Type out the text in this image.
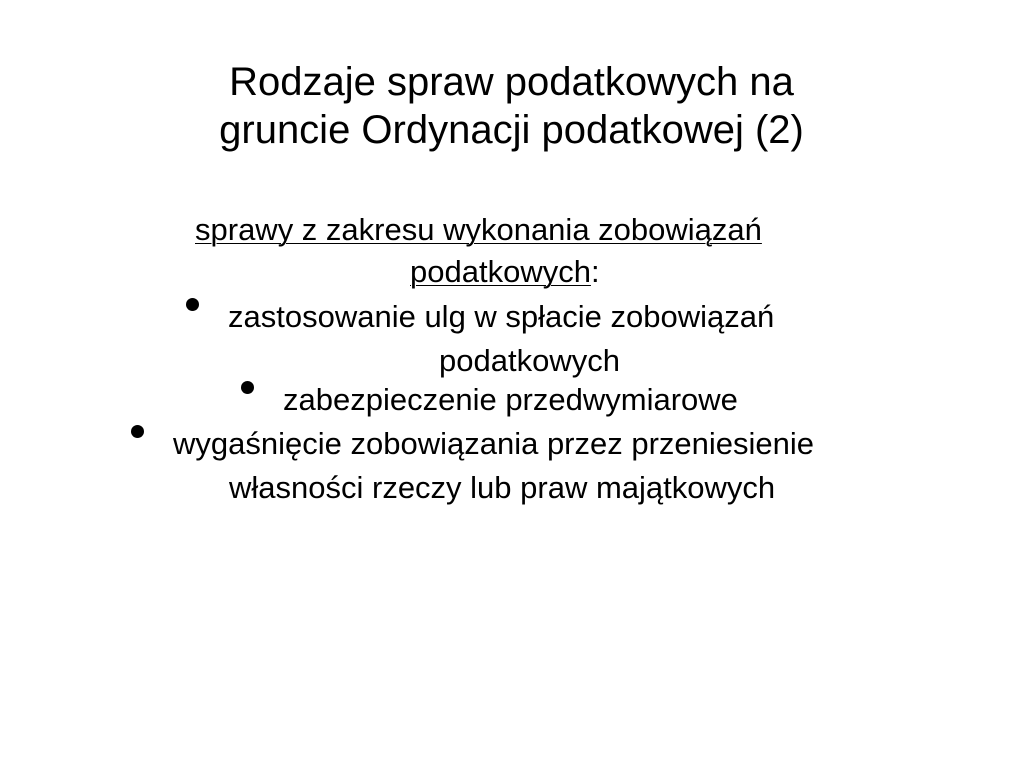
Rodzaje spraw podatkowych na
gruncie Ordynacji podatkowej (2)
sprawy z zakresu wykonania zobowiązań
podatkowych:
zastosowanie ulg w spłacie zobowiązań
podatkowych
zabezpieczenie przedwymiarowe
wygaśnięcie zobowiązania przez przeniesienie
własności rzeczy lub praw majątkowych
